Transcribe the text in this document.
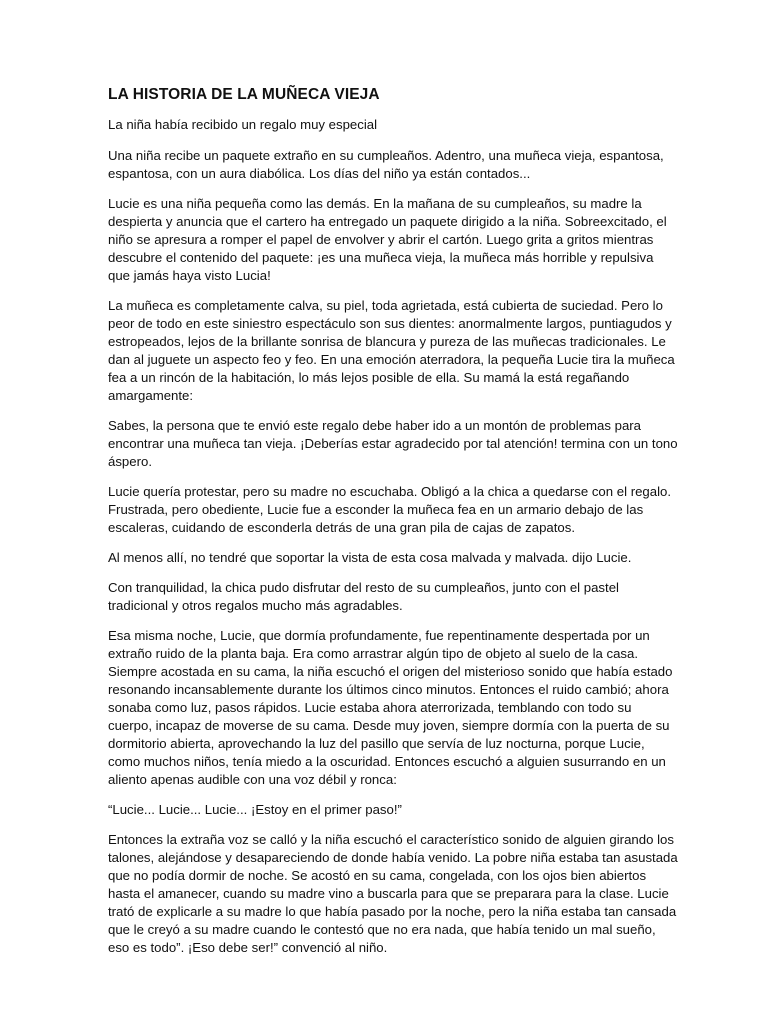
LA HISTORIA DE LA MUÑECA VIEJA

La niña había recibido un regalo muy especial

Una niña recibe un paquete extraño en su cumpleaños. Adentro, una muñeca vieja, espantosa, espantosa, con un aura diabólica. Los días del niño ya están contados...

Lucie es una niña pequeña como las demás. En la mañana de su cumpleaños, su madre la despierta y anuncia que el cartero ha entregado un paquete dirigido a la niña. Sobreexcitado, el niño se apresura a romper el papel de envolver y abrir el cartón. Luego grita a gritos mientras descubre el contenido del paquete: ¡es una muñeca vieja, la muñeca más horrible y repulsiva que jamás haya visto Lucia!

La muñeca es completamente calva, su piel, toda agrietada, está cubierta de suciedad. Pero lo peor de todo en este siniestro espectáculo son sus dientes: anormalmente largos, puntiagudos y estropeados, lejos de la brillante sonrisa de blancura y pureza de las muñecas tradicionales. Le dan al juguete un aspecto feo y feo. En una emoción aterradora, la pequeña Lucie tira la muñeca fea a un rincón de la habitación, lo más lejos posible de ella. Su mamá la está regañando amargamente:

Sabes, la persona que te envió este regalo debe haber ido a un montón de problemas para encontrar una muñeca tan vieja. ¡Deberías estar agradecido por tal atención! termina con un tono áspero.

Lucie quería protestar, pero su madre no escuchaba. Obligó a la chica a quedarse con el regalo. Frustrada, pero obediente, Lucie fue a esconder la muñeca fea en un armario debajo de las escaleras, cuidando de esconderla detrás de una gran pila de cajas de zapatos.

Al menos allí, no tendré que soportar la vista de esta cosa malvada y malvada. dijo Lucie.

Con tranquilidad, la chica pudo disfrutar del resto de su cumpleaños, junto con el pastel tradicional y otros regalos mucho más agradables.

Esa misma noche, Lucie, que dormía profundamente, fue repentinamente despertada por un extraño ruido de la planta baja. Era como arrastrar algún tipo de objeto al suelo de la casa. Siempre acostada en su cama, la niña escuchó el origen del misterioso sonido que había estado resonando incansablemente durante los últimos cinco minutos. Entonces el ruido cambió; ahora sonaba como luz, pasos rápidos. Lucie estaba ahora aterrorizada, temblando con todo su cuerpo, incapaz de moverse de su cama. Desde muy joven, siempre dormía con la puerta de su dormitorio abierta, aprovechando la luz del pasillo que servía de luz nocturna, porque Lucie, como muchos niños, tenía miedo a la oscuridad. Entonces escuchó a alguien susurrando en un aliento apenas audible con una voz débil y ronca:

“Lucie... Lucie... Lucie... ¡Estoy en el primer paso!”

Entonces la extraña voz se calló y la niña escuchó el característico sonido de alguien girando los talones, alejándose y desapareciendo de donde había venido. La pobre niña estaba tan asustada que no podía dormir de noche. Se acostó en su cama, congelada, con los ojos bien abiertos hasta el amanecer, cuando su madre vino a buscarla para que se preparara para la clase. Lucie trató de explicarle a su madre lo que había pasado por la noche, pero la niña estaba tan cansada que le creyó a su madre cuando le contestó que no era nada, que había tenido un mal sueño, eso es todo”. ¡Eso debe ser!” convenció al niño.
